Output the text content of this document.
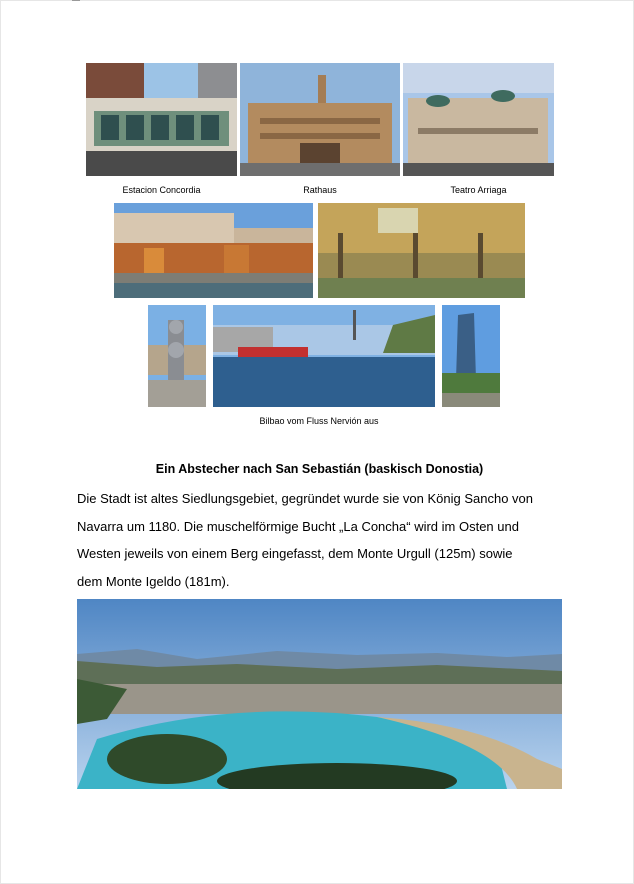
Estacion Concordia	Rathaus	Teatro Arriaga
Bilbao vom Fluss Nervión aus
Ein Abstecher nach San Sebastián (baskisch Donostia)
Die Stadt ist altes Siedlungsgebiet, gegründet wurde sie von König Sancho von
Navarra um 1180. Die muschelförmige Bucht „La Concha“ wird im Osten und
Westen jeweils von einem Berg eingefasst, dem Monte Urgull (125m) sowie
dem Monte Igeldo (181m).
